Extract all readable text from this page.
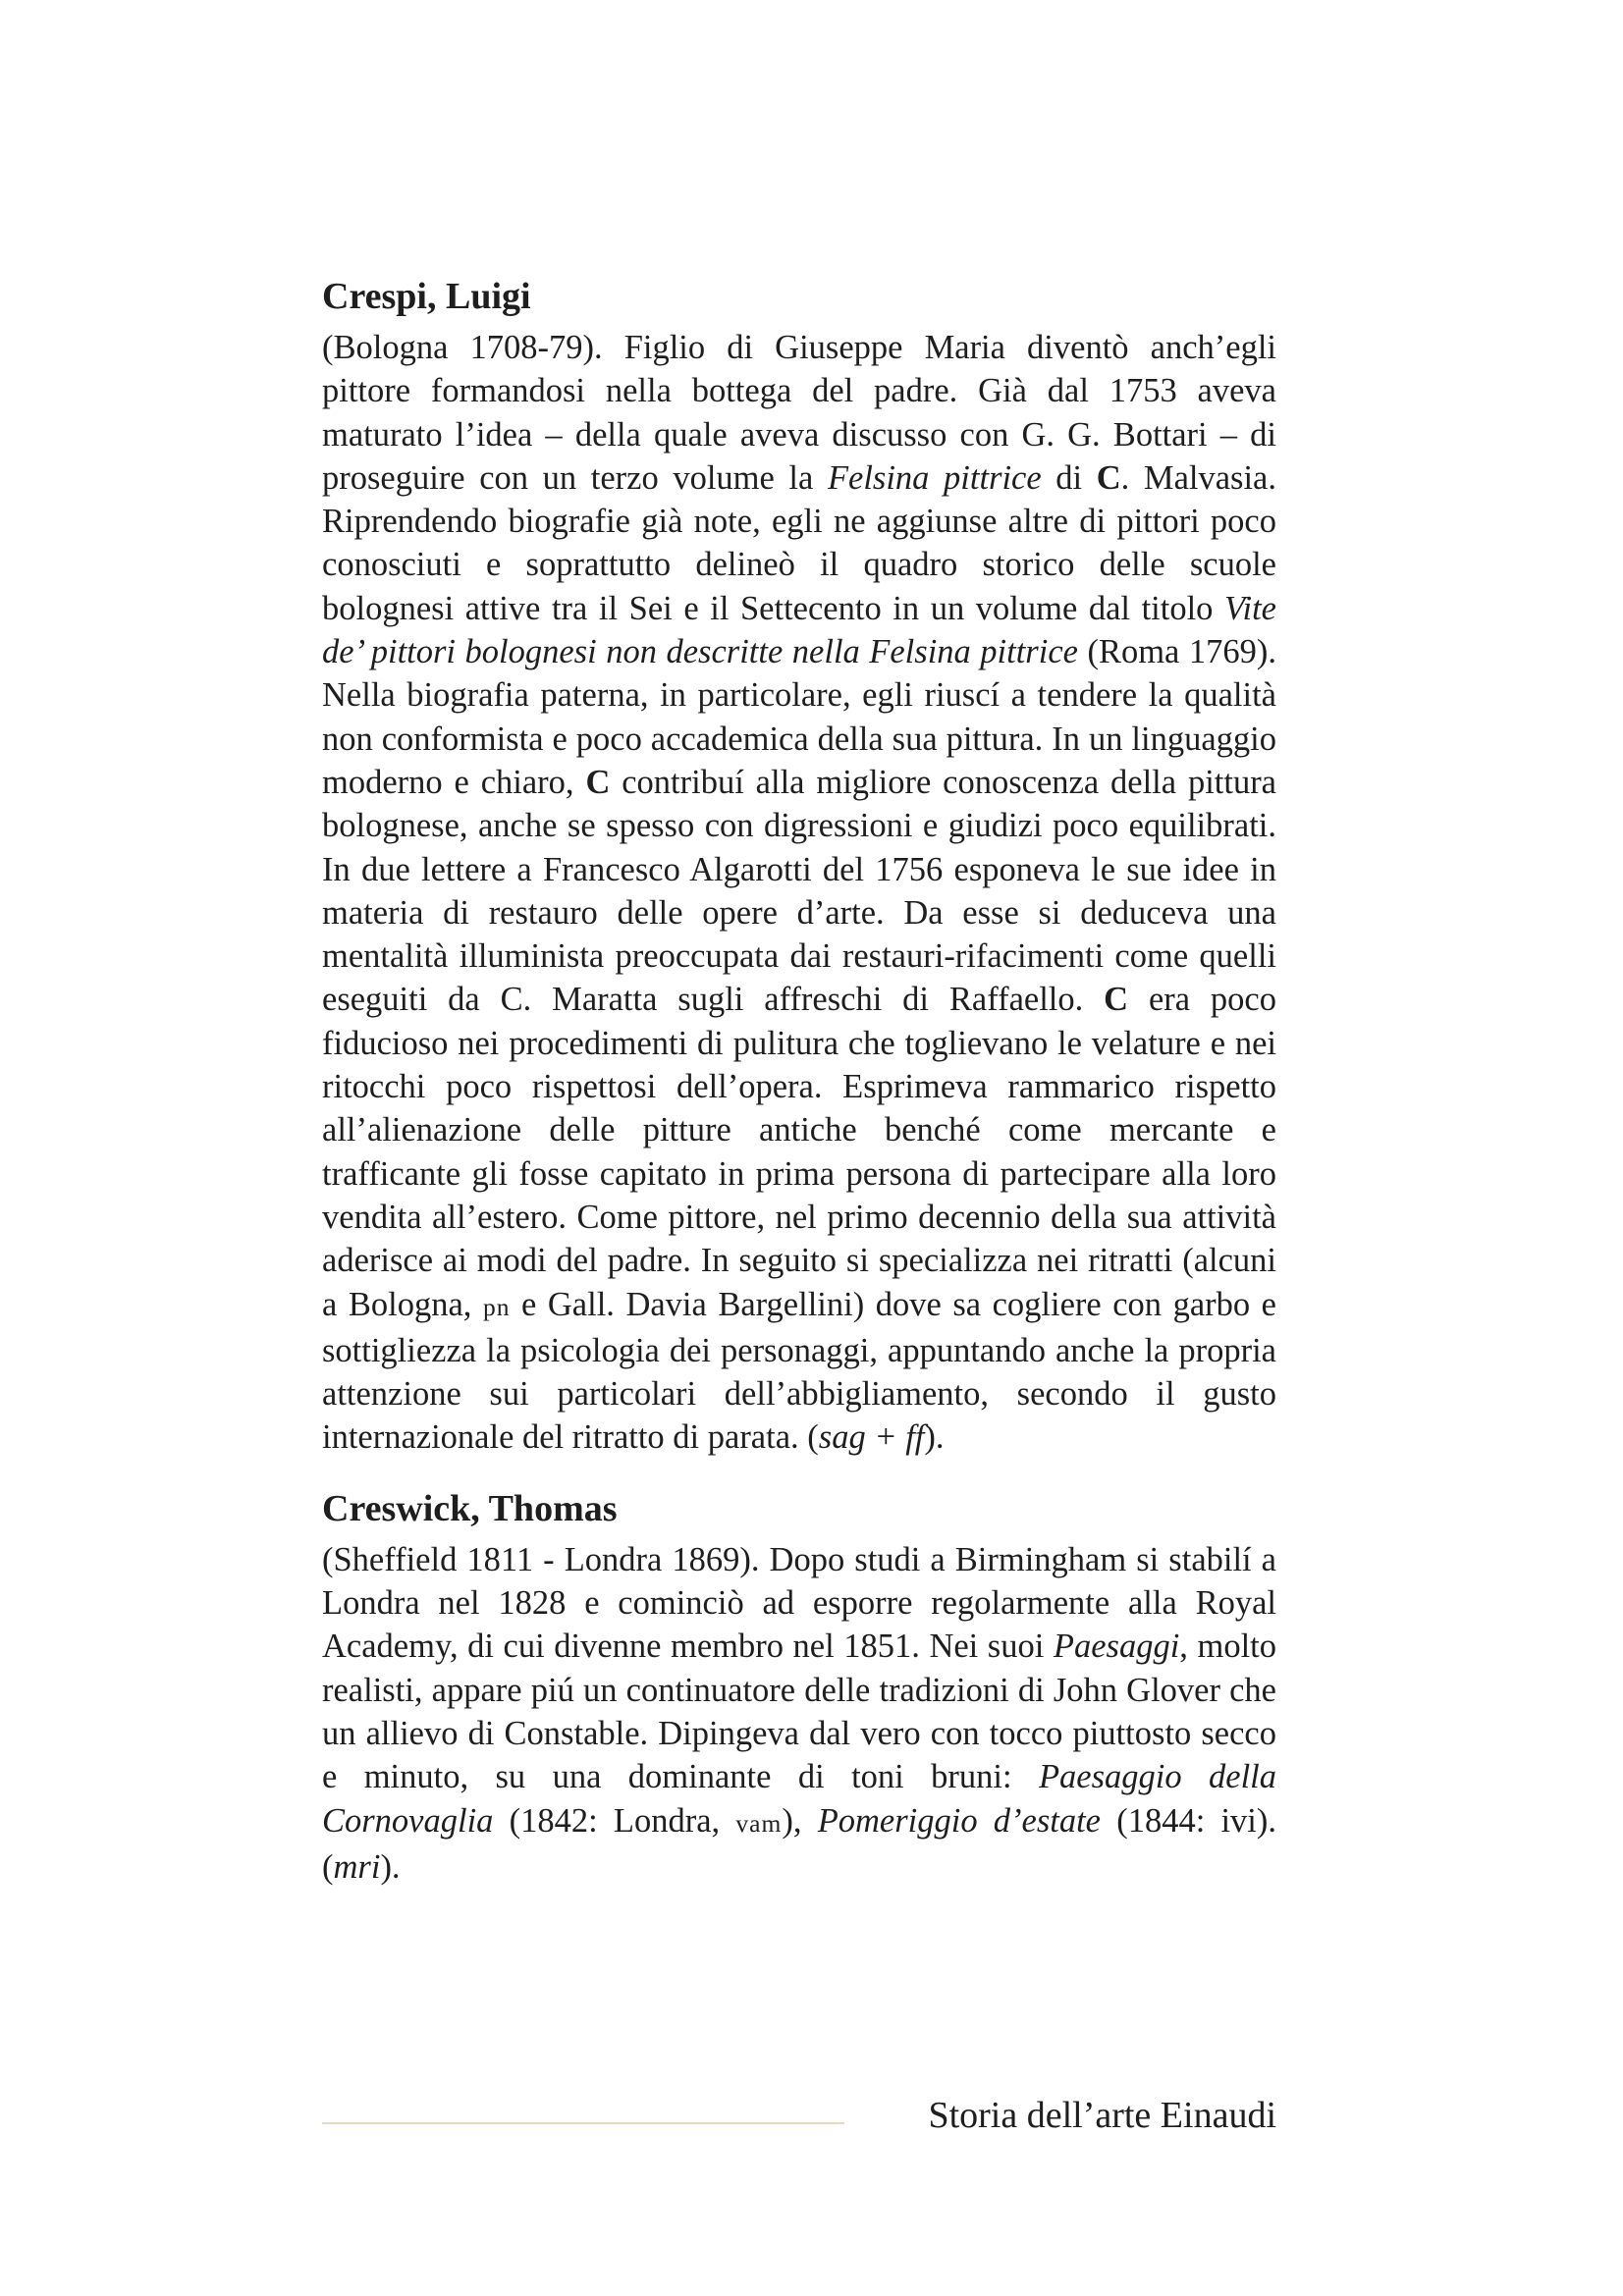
Crespi, Luigi

(Bologna 1708-79). Figlio di Giuseppe Maria diventò anch’egli pittore formandosi nella bottega del padre. Già dal 1753 aveva maturato l’idea – della quale aveva discusso con G. G. Bottari – di proseguire con un terzo volume la Felsina pittrice di C. Malvasia. Riprendendo biografie già note, egli ne aggiunse altre di pittori poco conosciuti e soprattutto delineò il quadro storico delle scuole bolognesi attive tra il Sei e il Settecento in un volume dal titolo Vite de’ pittori bolognesi non descritte nella Felsina pittrice (Roma 1769). Nella biografia paterna, in particolare, egli riuscí a tendere la qualità non conformista e poco accademica della sua pittura. In un linguaggio moderno e chiaro, C contribuí alla migliore conoscenza della pittura bolognese, anche se spesso con digressioni e giudizi poco equilibrati. In due lettere a Francesco Algarotti del 1756 esponeva le sue idee in materia di restauro delle opere d’arte. Da esse si deduceva una mentalità illuminista preoccupata dai restauri-rifacimenti come quelli eseguiti da C. Maratta sugli affreschi di Raffaello. C era poco fiducioso nei procedimenti di pulitura che toglievano le velature e nei ritocchi poco rispettosi dell’opera. Esprimeva rammarico rispetto all’alienazione delle pitture antiche benché come mercante e trafficante gli fosse capitato in prima persona di partecipare alla loro vendita all’estero. Come pittore, nel primo decennio della sua attività aderisce ai modi del padre. In seguito si specializza nei ritratti (alcuni a Bologna, pn e Gall. Davia Bargellini) dove sa cogliere con garbo e sottigliezza la psicologia dei personaggi, appuntando anche la propria attenzione sui particolari dell’abbigliamento, secondo il gusto internazionale del ritratto di parata. (sag + ff).

Creswick, Thomas

(Sheffield 1811 - Londra 1869). Dopo studi a Birmingham si stabilí a Londra nel 1828 e cominciò ad esporre regolarmente alla Royal Academy, di cui divenne membro nel 1851. Nei suoi Paesaggi, molto realisti, appare piú un continuatore delle tradizioni di John Glover che un allievo di Constable. Dipingeva dal vero con tocco piuttosto secco e minuto, su una dominante di toni bruni: Paesaggio della Cornovaglia (1842: Londra, vam), Pomeriggio d’estate (1844: ivi). (mri).

Storia dell’arte Einaudi
